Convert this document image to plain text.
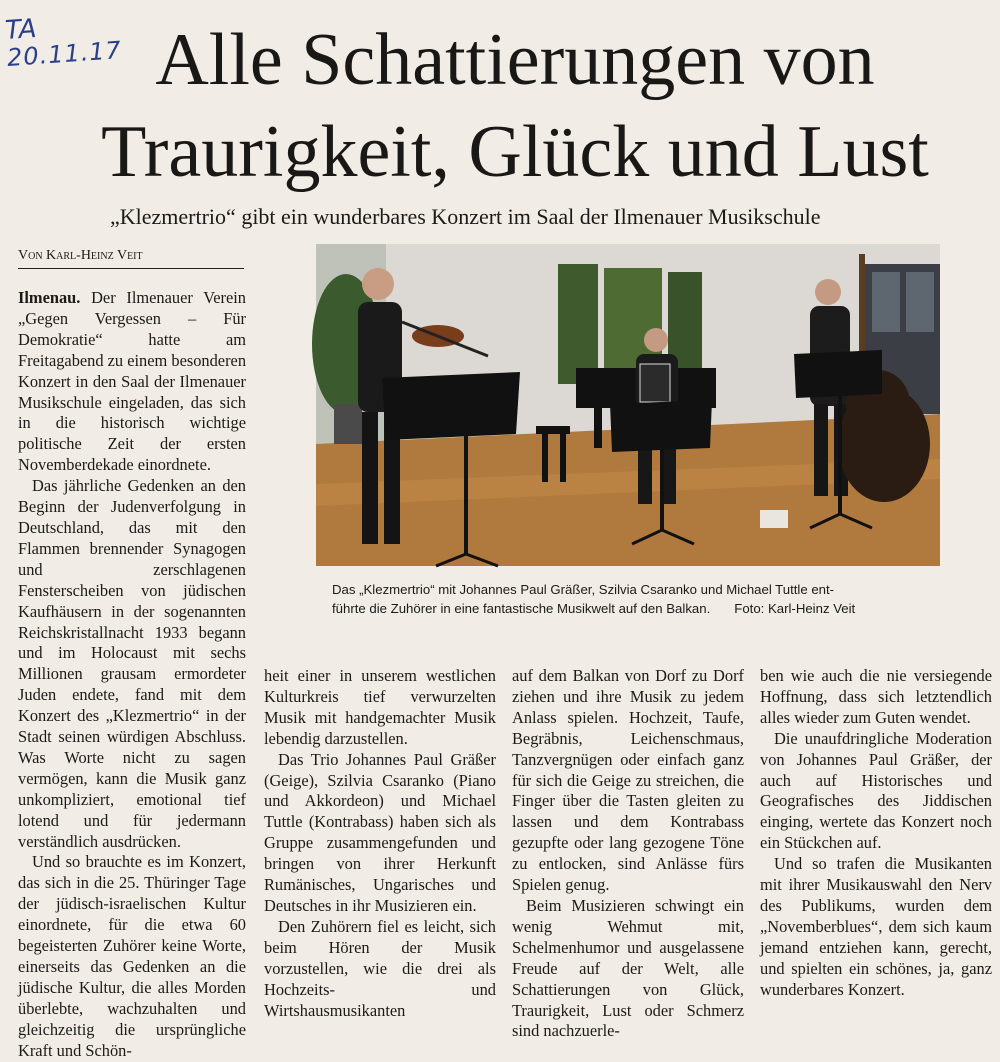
TA
20.11.17 Alle Schattierungen von
Traurigkeit, Glück und Lust
„Klezmertrio“ gibt ein wunderbares Konzert im Saal der Ilmenauer Musikschule
Von Karl-Heinz Veit

Ilmenau. Der Ilmenauer Verein „Gegen Vergessen – Für Demokratie“ hatte am Freitagabend zu einem besonderen Konzert in den Saal der Ilmenauer Musikschule eingeladen, das sich in die historisch wichtige politische Zeit der ersten Novemberdekade einordnete.

Das jährliche Gedenken an den Beginn der Judenverfolgung in Deutschland, das mit den Flammen brennender Synagogen und zerschlagenen Fensterscheiben von jüdischen Kaufhäusern in der sogenannten Reichskristallnacht 1933 begann und im Holocaust mit sechs Millionen grausam ermordeter Juden endete, fand mit dem Konzert des „Klezmertrio“ in der Stadt seinen würdigen Abschluss. Was Worte nicht zu sagen vermögen, kann die Musik ganz unkompliziert, emotional tief lotend und für jedermann verständlich ausdrücken.

Und so brauchte es im Konzert, das sich in die 25. Thüringer Tage der jüdisch-israelischen Kultur einordnete, für die etwa 60 begeisterten Zuhörer keine Worte, einerseits das Gedenken an die jüdische Kultur, die alles Morden überlebte, wachzuhalten und gleichzeitig die ursprüngliche Kraft und Schön-

Das „Klezmertrio“ mit Johannes Paul Gräßer, Szilvia Csaranko und Michael Tuttle ent-
führte die Zuhörer in eine fantastische Musikwelt auf den Balkan. Foto: Karl-Heinz Veit

heit einer in unserem westlichen Kulturkreis tief verwurzelten Musik mit handgemachter Musik lebendig darzustellen.

Das Trio Johannes Paul Gräßer (Geige), Szilvia Csaranko (Piano und Akkordeon) und Michael Tuttle (Kontrabass) haben sich als Gruppe zusammengefunden und bringen von ihrer Herkunft Rumänisches, Ungarisches und Deutsches in ihr Musizieren ein.

Den Zuhörern fiel es leicht, sich beim Hören der Musik vorzustellen, wie die drei als Hochzeits- und Wirtshausmusikanten

auf dem Balkan von Dorf zu Dorf ziehen und ihre Musik zu jedem Anlass spielen. Hochzeit, Taufe, Begräbnis, Leichenschmaus, Tanzvergnügen oder einfach ganz für sich die Geige zu streichen, die Finger über die Tasten gleiten zu lassen und dem Kontrabass gezupfte oder lang gezogene Töne zu entlocken, sind Anlässe fürs Spielen genug.

Beim Musizieren schwingt ein wenig Wehmut mit, Schelmenhumor und ausgelassene Freude auf der Welt, alle Schattierungen von Glück, Traurigkeit, Lust oder Schmerz sind nachzuerle-

ben wie auch die nie versiegende Hoffnung, dass sich letztendlich alles wieder zum Guten wendet.

Die unaufdringliche Moderation von Johannes Paul Gräßer, der auch auf Historisches und Geografisches des Jiddischen einging, wertete das Konzert noch ein Stückchen auf.

Und so trafen die Musikanten mit ihrer Musikauswahl den Nerv des Publikums, wurden dem „Novemberblues“, dem sich kaum jemand entziehen kann, gerecht, und spielten ein schönes, ja, ganz wunderbares Konzert.
